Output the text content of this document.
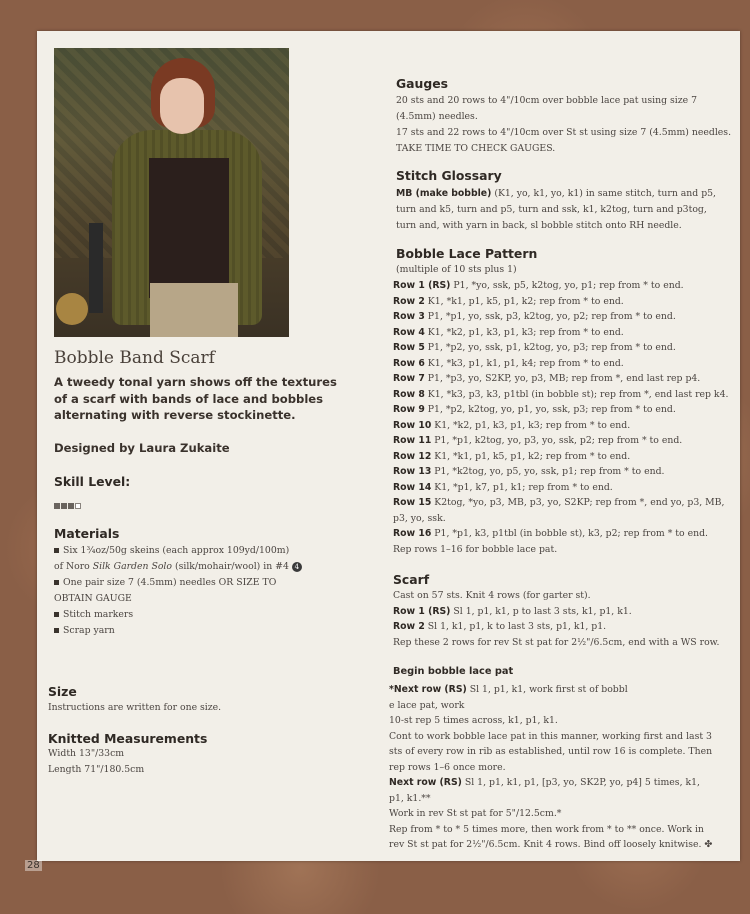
Bobble Band Scarf
A tweedy tonal yarn shows off the textures of a scarf with bands of lace and bobbles alternating with reverse stockinette.
Designed by Laura Zukaite
Skill Level:
Materials
Six 1¾oz/50g skeins (each approx 109yd/100m)
of Noro Silk Garden Solo (silk/mohair/wool) in #4 4
One pair size 7 (4.5mm) needles OR SIZE TO
OBTAIN GAUGE
Stitch markers
Scrap yarn
Size
Instructions are written for one size.
Knitted Measurements
Width 13"/33cm
Length 71"/180.5cm
Gauges
20 sts and 20 rows to 4"/10cm over bobble lace pat using size 7
(4.5mm) needles.
17 sts and 22 rows to 4"/10cm over St st using size 7 (4.5mm) needles.
TAKE TIME TO CHECK GAUGES.
Stitch Glossary
MB (make bobble) (K1, yo, k1, yo, k1) in same stitch, turn and p5,
turn and k5, turn and p5, turn and ssk, k1, k2tog, turn and p3tog,
turn and, with yarn in back, sl bobble stitch onto RH needle.
Bobble Lace Pattern
(multiple of 10 sts plus 1)
Row 1 (RS) P1, *yo, ssk, p5, k2tog, yo, p1; rep from * to end.
Row 2 K1, *k1, p1, k5, p1, k2; rep from * to end.
Row 3 P1, *p1, yo, ssk, p3, k2tog, yo, p2; rep from * to end.
Row 4 K1, *k2, p1, k3, p1, k3; rep from * to end.
Row 5 P1, *p2, yo, ssk, p1, k2tog, yo, p3; rep from * to end.
Row 6 K1, *k3, p1, k1, p1, k4; rep from * to end.
Row 7 P1, *p3, yo, S2KP, yo, p3, MB; rep from *, end last rep p4.
Row 8 K1, *k3, p3, k3, p1tbl (in bobble st); rep from *, end last rep k4.
Row 9 P1, *p2, k2tog, yo, p1, yo, ssk, p3; rep from * to end.
Row 10 K1, *k2, p1, k3, p1, k3; rep from * to end.
Row 11 P1, *p1, k2tog, yo, p3, yo, ssk, p2; rep from * to end.
Row 12 K1, *k1, p1, k5, p1, k2; rep from * to end.
Row 13 P1, *k2tog, yo, p5, yo, ssk, p1; rep from * to end.
Row 14 K1, *p1, k7, p1, k1; rep from * to end.
Row 15 K2tog, *yo, p3, MB, p3, yo, S2KP; rep from *, end yo, p3, MB,
p3, yo, ssk.
Row 16 P1, *p1, k3, p1tbl (in bobble st), k3, p2; rep from * to end.
Rep rows 1–16 for bobble lace pat.
Scarf
Cast on 57 sts. Knit 4 rows (for garter st).
Row 1 (RS) Sl 1, p1, k1, p to last 3 sts, k1, p1, k1.
Row 2 Sl 1, k1, p1, k to last 3 sts, p1, k1, p1.
Rep these 2 rows for rev St st pat for 2½"/6.5cm, end with a WS row.
Begin bobble lace pat
*Next row (RS) Sl 1, p1, k1, work first st of bobbl
e lace pat, work
10-st rep 5 times across, k1, p1, k1.
Cont to work bobble lace pat in this manner, working first and last 3
sts of every row in rib as established, until row 16 is complete. Then
rep rows 1–6 once more.
Next row (RS) Sl 1, p1, k1, p1, [p3, yo, SK2P, yo, p4] 5 times, k1,
p1, k1.**
Work in rev St st pat for 5"/12.5cm.*
Rep from * to * 5 times more, then work from * to ** once. Work in
rev St st pat for 2½"/6.5cm. Knit 4 rows. Bind off loosely knitwise. ✤
28
